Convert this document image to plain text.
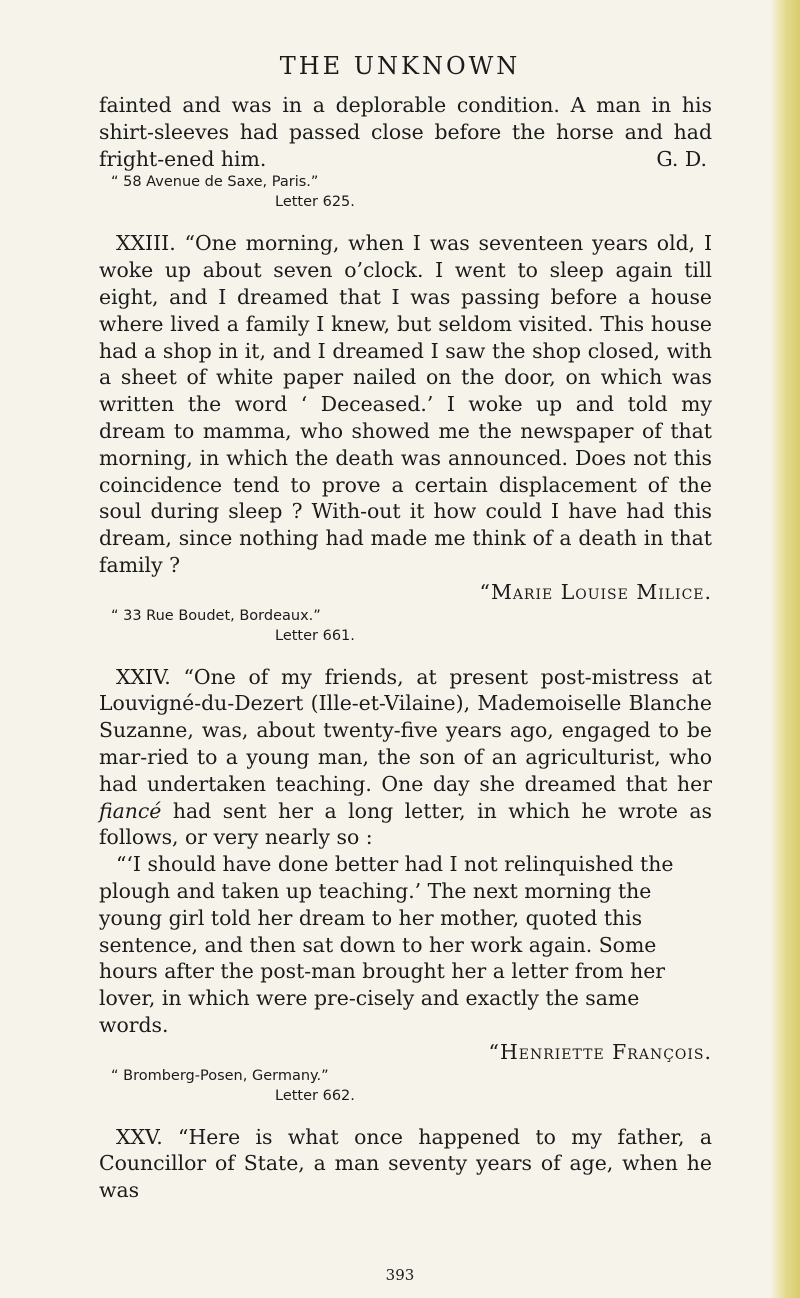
THE UNKNOWN

fainted and was in a deplorable condition. A man in his shirt-sleeves had passed close before the horse and had fright-ened him.	G. D.

“ 58 Avenue de Saxe, Paris.”
Letter 625.

XXIII. “One morning, when I was seventeen years old, I woke up about seven o’clock. I went to sleep again till eight, and I dreamed that I was passing before a house where lived a family I knew, but seldom visited. This house had a shop in it, and I dreamed I saw the shop closed, with a sheet of white paper nailed on the door, on which was written the word ‘ Deceased.’ I woke up and told my dream to mamma, who showed me the newspaper of that morning, in which the death was announced. Does not this coincidence tend to prove a certain displacement of the soul during sleep ? With-out it how could I have had this dream, since nothing had made me think of a death in that family ?

“Marie Louise Milice.

“ 33 Rue Boudet, Bordeaux.”
Letter 661.

XXIV. “One of my friends, at present post-mistress at Louvigné-du-Dezert (Ille-et-Vilaine), Mademoiselle Blanche Suzanne, was, about twenty-five years ago, engaged to be mar-ried to a young man, the son of an agriculturist, who had undertaken teaching. One day she dreamed that her fiancé had sent her a long letter, in which he wrote as follows, or very nearly so :

“‘I should have done better had I not relinquished the plough and taken up teaching.’ The next morning the young girl told her dream to her mother, quoted this sentence, and then sat down to her work again. Some hours after the post-man brought her a letter from her lover, in which were pre-cisely and exactly the same words.

“Henriette François.

“ Bromberg-Posen, Germany.”
Letter 662.

XXV. “Here is what once happened to my father, a Councillor of State, a man seventy years of age, when he was

393
